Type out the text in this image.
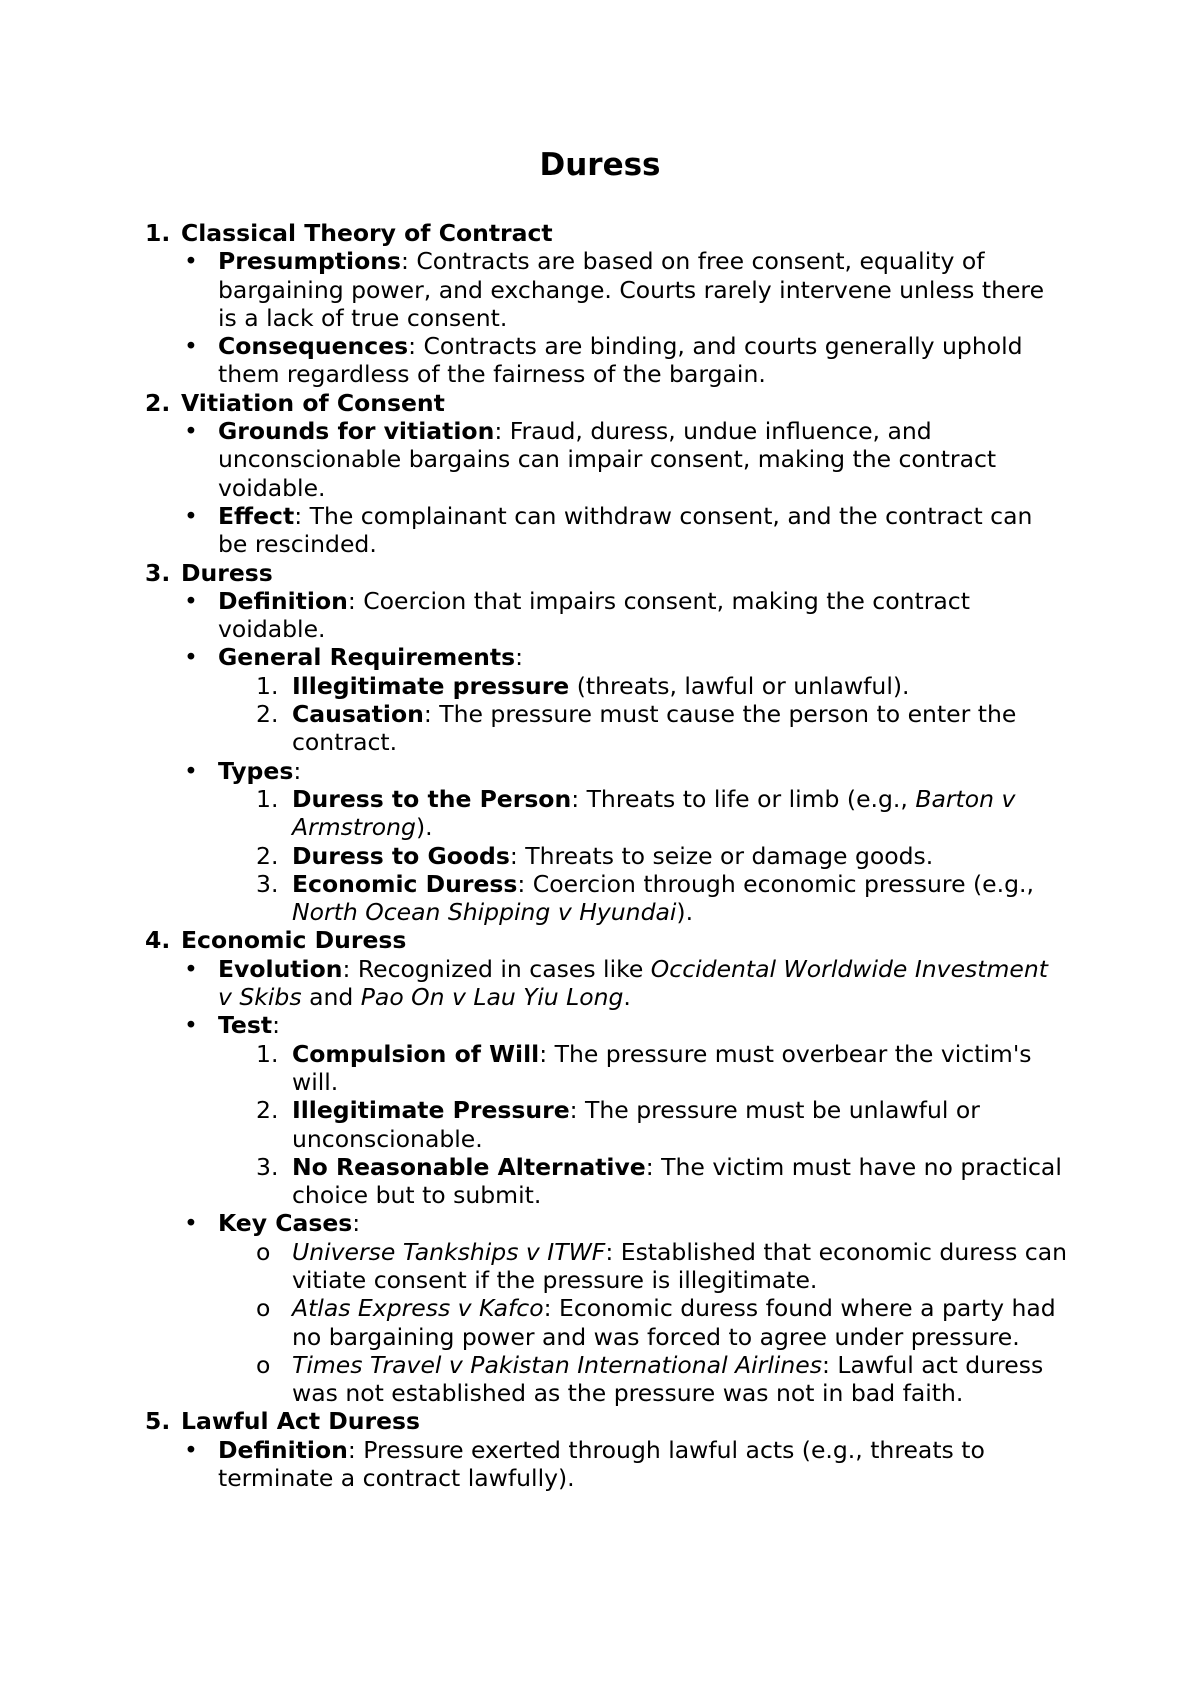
Duress
1. Classical Theory of Contract
• Presumptions: Contracts are based on free consent, equality of bargaining power, and exchange. Courts rarely intervene unless there is a lack of true consent.
• Consequences: Contracts are binding, and courts generally uphold them regardless of the fairness of the bargain.
2. Vitiation of Consent
• Grounds for vitiation: Fraud, duress, undue influence, and unconscionable bargains can impair consent, making the contract voidable.
• Effect: The complainant can withdraw consent, and the contract can be rescinded.
3. Duress
• Definition: Coercion that impairs consent, making the contract voidable.
• General Requirements:
1. Illegitimate pressure (threats, lawful or unlawful).
2. Causation: The pressure must cause the person to enter the contract.
• Types:
1. Duress to the Person: Threats to life or limb (e.g., Barton v Armstrong).
2. Duress to Goods: Threats to seize or damage goods.
3. Economic Duress: Coercion through economic pressure (e.g., North Ocean Shipping v Hyundai).
4. Economic Duress
• Evolution: Recognized in cases like Occidental Worldwide Investment v Skibs and Pao On v Lau Yiu Long.
• Test:
1. Compulsion of Will: The pressure must overbear the victim's will.
2. Illegitimate Pressure: The pressure must be unlawful or unconscionable.
3. No Reasonable Alternative: The victim must have no practical choice but to submit.
• Key Cases:
o Universe Tankships v ITWF: Established that economic duress can vitiate consent if the pressure is illegitimate.
o Atlas Express v Kafco: Economic duress found where a party had no bargaining power and was forced to agree under pressure.
o Times Travel v Pakistan International Airlines: Lawful act duress was not established as the pressure was not in bad faith.
5. Lawful Act Duress
• Definition: Pressure exerted through lawful acts (e.g., threats to terminate a contract lawfully).
